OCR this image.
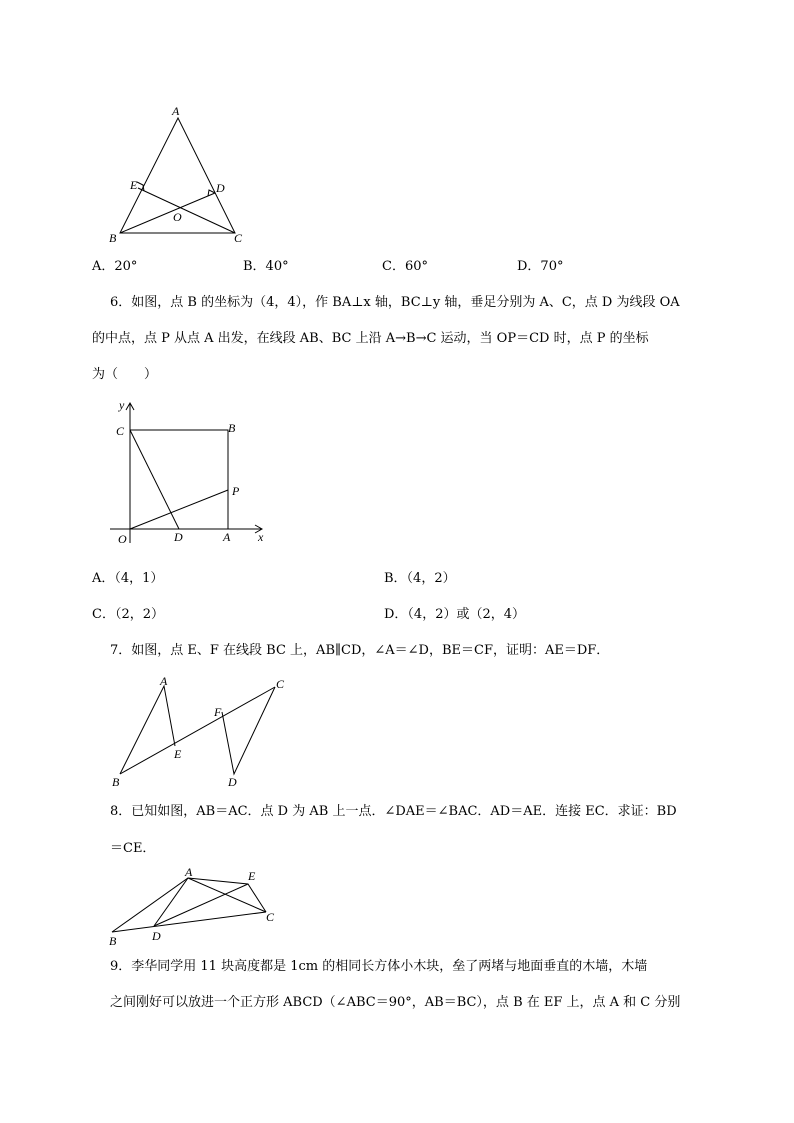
A
E	D
O
B	C
A．20°	B．40°	C．60°	D．70°
6．如图，点 B 的坐标为（4，4），作 BA⊥x 轴，BC⊥y 轴，垂足分别为 A、C，点 D 为线段 OA
的中点，点 P 从点 A 出发，在线段 AB、BC 上沿 A→B→C 运动，当 OP＝CD 时，点 P 的坐标
为（　　）
y
C	B
P
O	D	A x
A．（4，1）	B．（4，2）
C．（2，2）	D．（4，2）或（2，4）
7．如图，点 E、F 在线段 BC 上，AB∥CD，∠A＝∠D，BE＝CF，证明：AE＝DF．
A	C
F
E
B	D
8．已知如图，AB＝AC．点 D 为 AB 上一点．∠DAE＝∠BAC．AD＝AE．连接 EC．求证：BD
＝CE．
A	E
C
D
B
9．李华同学用 11 块高度都是 1cm 的相同长方体小木块，垒了两堵与地面垂直的木墙，木墙
之间刚好可以放进一个正方形 ABCD（∠ABC＝90°，AB＝BC），点 B 在 EF 上，点 A 和 C 分别
